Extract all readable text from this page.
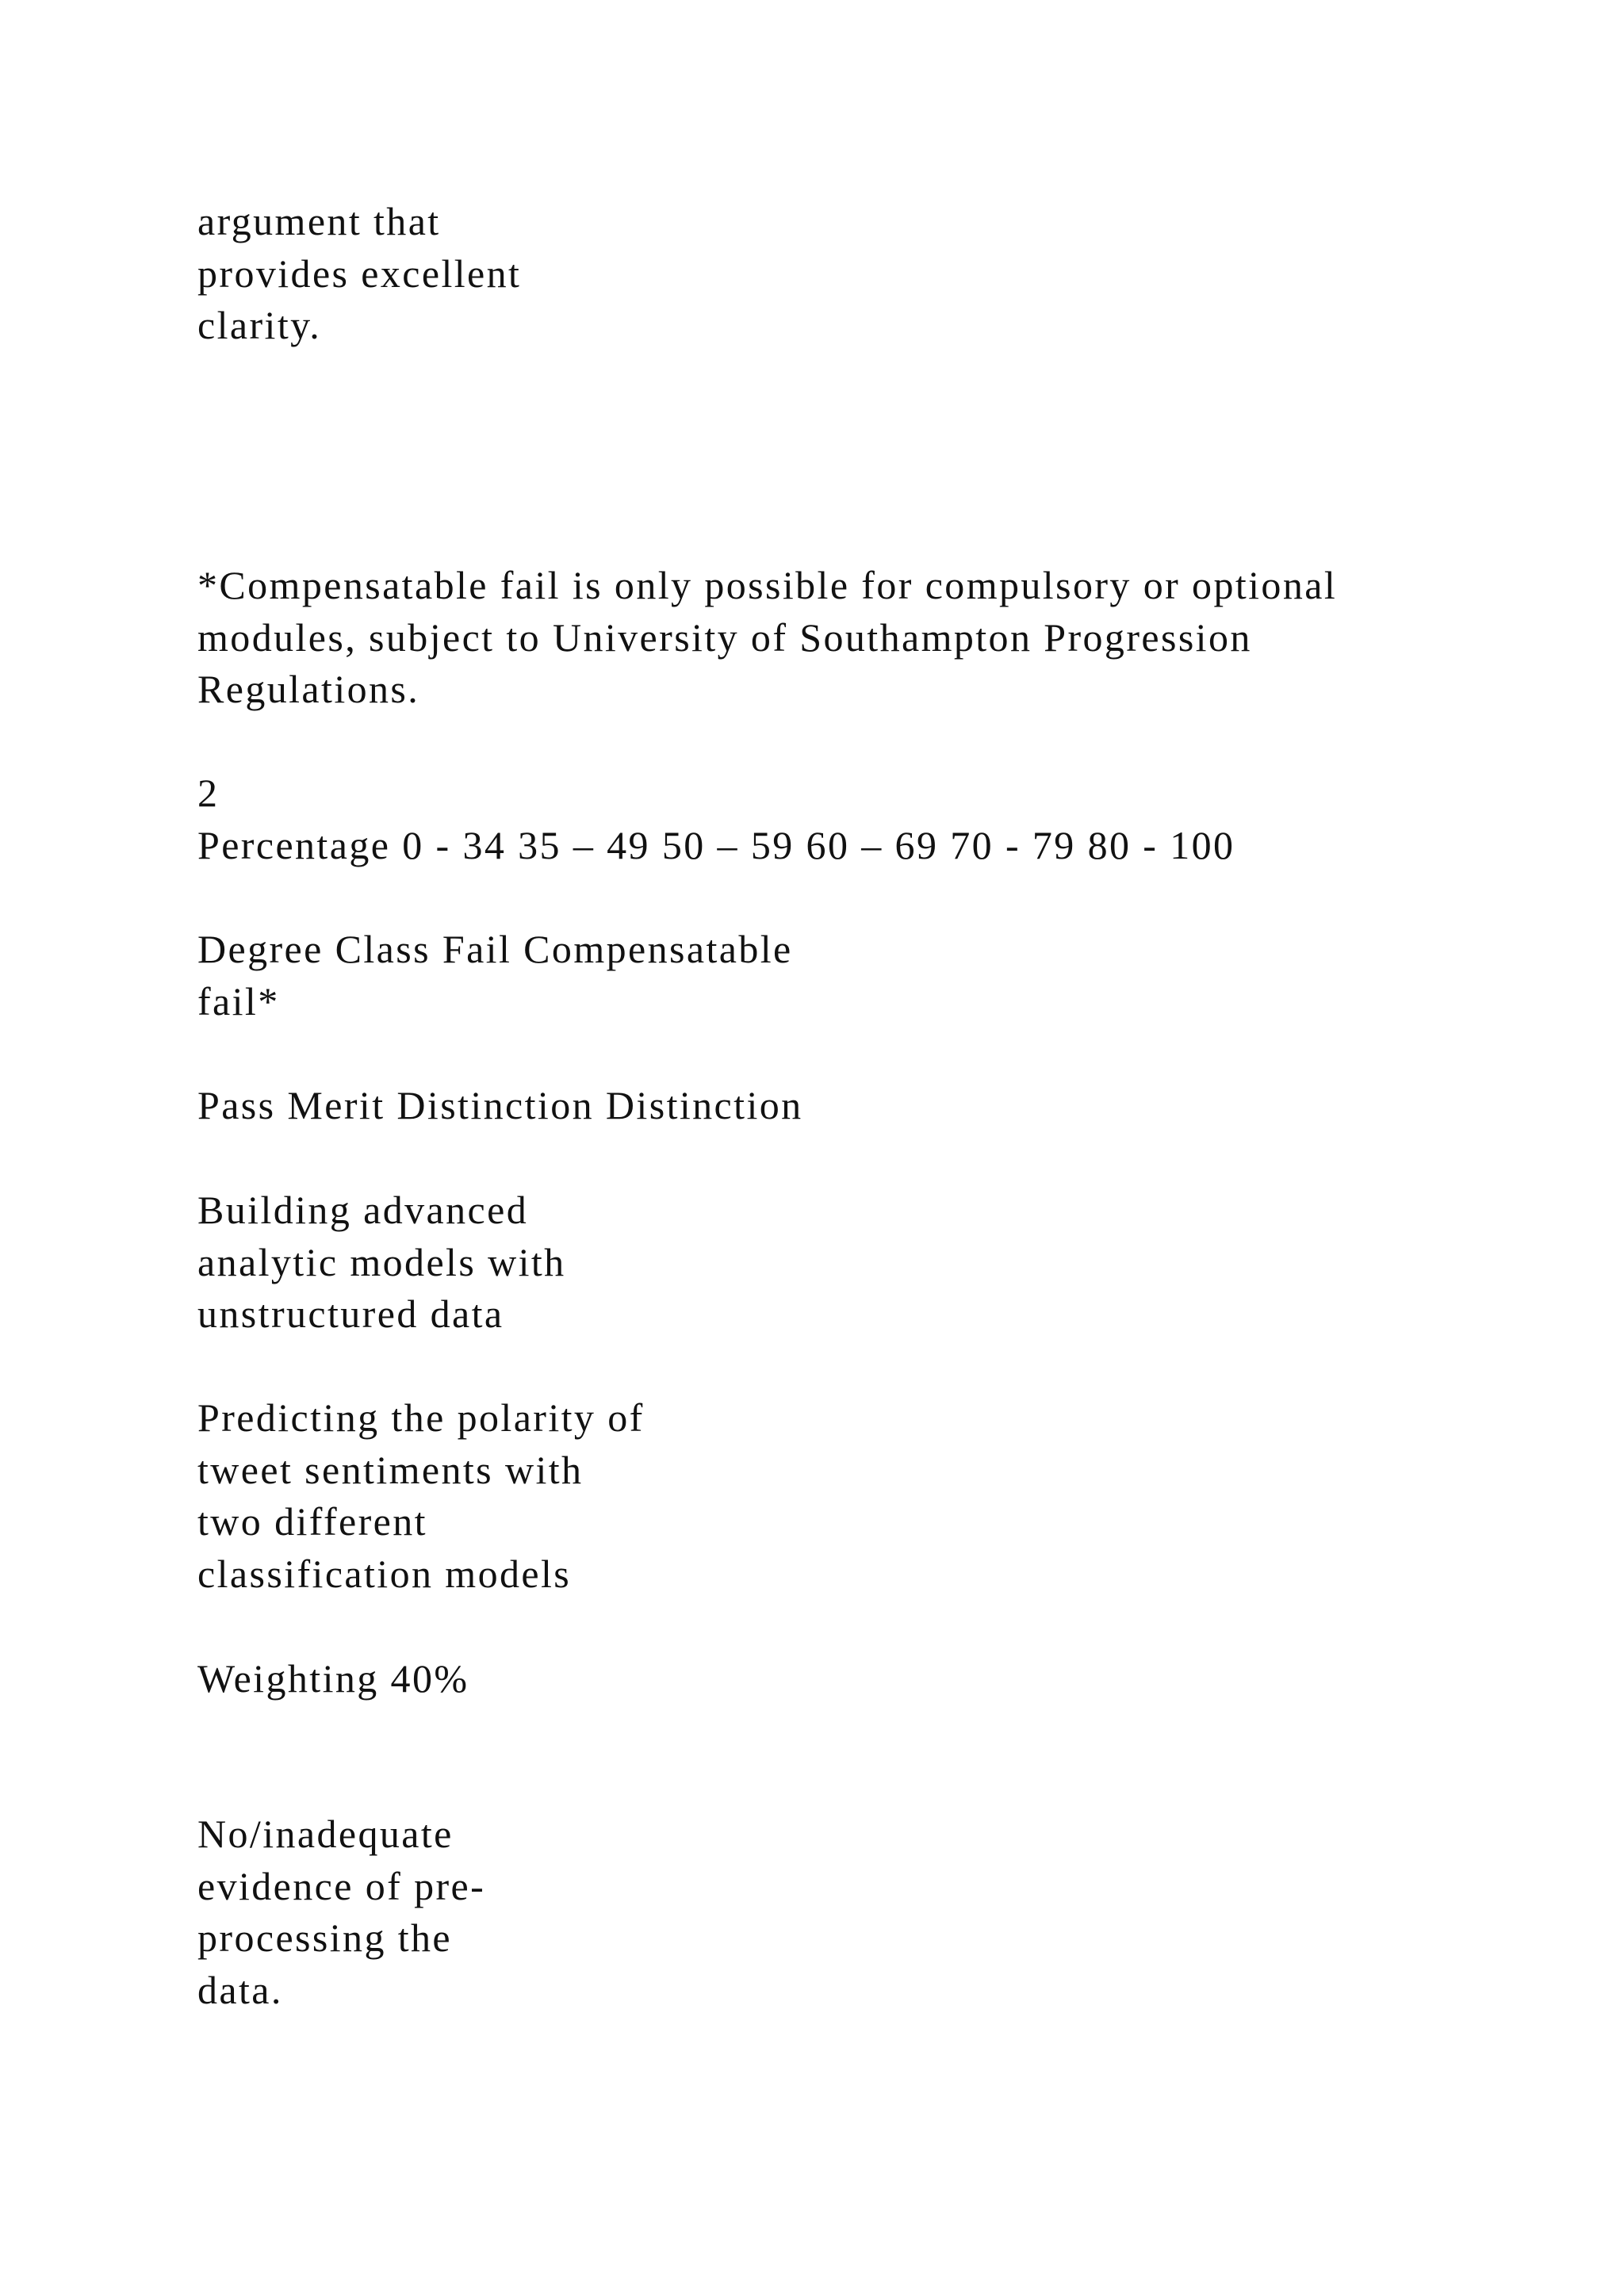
argument that
provides excellent
clarity.
*Compensatable fail is only possible for compulsory or optional
modules, subject to University of Southampton Progression
Regulations.
2
Percentage 0 - 34 35 – 49 50 – 59 60 – 69 70 - 79 80 - 100
Degree Class Fail Compensatable
fail*
Pass Merit Distinction Distinction
Building advanced
analytic models with
unstructured data
Predicting the polarity of
tweet sentiments with
two different
classification models
Weighting 40%
No/inadequate
evidence of pre-
processing the
data.
